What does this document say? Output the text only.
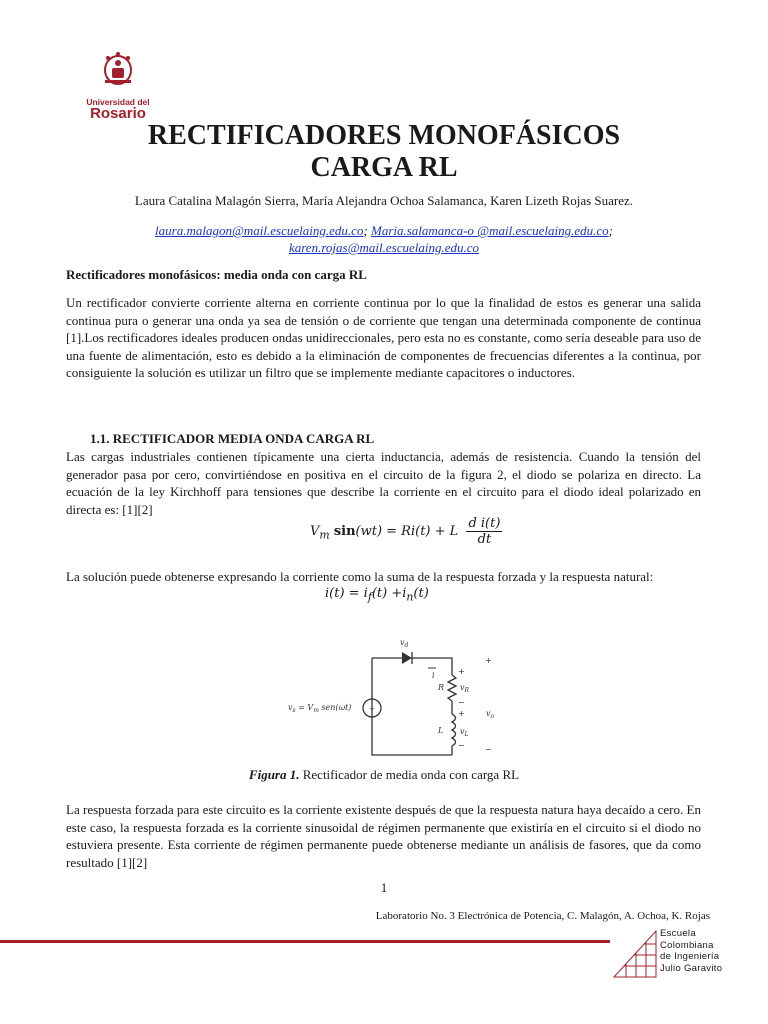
Universidad del
Rosario
RECTIFICADORES MONOFÁSICOS
CARGA RL
Laura Catalina Malagón Sierra, María Alejandra Ochoa Salamanca, Karen Lizeth Rojas Suarez.
laura.malagon@mail.escuelaing.edu.co; Maria.salamanca-o @mail.escuelaing.edu.co;
karen.rojas@mail.escuelaing.edu.co
Rectificadores monofásicos: media onda con carga RL
Un rectificador convierte corriente alterna en corriente continua por lo que la finalidad de estos es generar una salida continua pura o generar una onda ya sea de tensión o de corriente que tengan una determinada componente de continua [1].Los rectificadores ideales producen ondas unidireccionales, pero esta no es constante, como sería deseable para uso de una fuente de alimentación, esto es debido a la eliminación de componentes de frecuencias diferentes a la continua, por consiguiente la solución es utilizar un filtro que se implemente mediante capacitores o inductores.
1.1. RECTIFICADOR MEDIA ONDA CARGA RL
Las cargas industriales contienen típicamente una cierta inductancia, además de resistencia. Cuando la tensión del generador pasa por cero, convirtiéndose en positiva en el circuito de la figura 2, el diodo se polariza en directo. La ecuación de la ley Kirchhoff para tensiones que describe la corriente en el circuito para el diodo ideal polarizado en directa es: [1][2]
$V_m$ sin(wt) = Ri(t) + L $\frac{\text{d i(t)}}{dt}$
La solución puede obtenerse expresando la corriente como la suma de la respuesta forzada y la respuesta natural:
$i(t) = i_f(t) +i_n(t)$
$v_d$
i
R $v_R$
L $v_L$
$v_o$
$v_s = V_m$ sen(ωt)
+
−
+
−
+
−
+
Figura 1. Rectificador de media onda con carga RL
La respuesta forzada para este circuito es la corriente existente después de que la respuesta natura haya decaído a cero. En este caso, la respuesta forzada es la corriente sinusoidal de régimen permanente que existiría en el circuito si el diodo no estuviera presente. Esta corriente de régimen permanente puede obtenerse mediante un análisis de fasores, que da como resultado [1][2]
1
Laboratorio No. 3 Electrónica de Potencia, C. Malagón, A. Ochoa, K. Rojas
Escuela
Colombiana
de Ingeniería
Julio Garavito
